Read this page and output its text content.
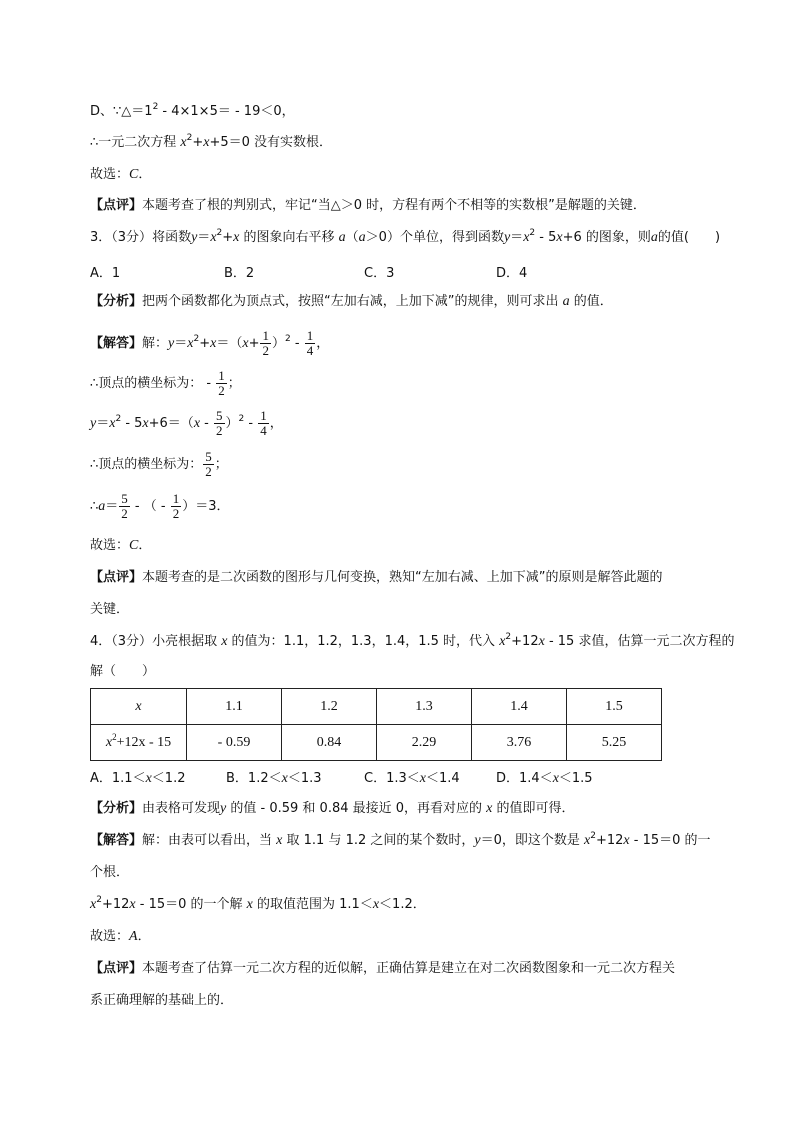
D、$\because\triangle=1^2 - 4\times 1\times 5= - 19<0$，
∴一元二次方程 $x^2+x+5=0$ 没有实数根．
故选：C．
【点评】本题考查了根的判别式，牢记“当△＞0 时，方程有两个不相等的实数根”是解题的关键．
3．（3分）将函数$y=x^2+x$ 的图象向右平移 a（a＞0）个单位，得到函数$y=x^2 - 5x+6$ 的图象，则a的值(　　)
A．1	B．2	C．3	D．4
【分析】把两个函数都化为顶点式，按照“左加右减，上加下减”的规律，则可求出 a 的值．
【解答】解：$y=x^2+x=(x+ \frac{1}{2} )^2 - \frac{1}{4}$ ，
∴顶点的横坐标为： - $\frac{1}{2}$ ；
$y=x^2 - 5x+6=(x - \frac{5}{2} )^2 - \frac{1}{4}$ ，
∴顶点的横坐标为： $\frac{5}{2}$ ；
∴a＝ $\frac{5}{2}$ - （ - $\frac{1}{2} )=3$．
故选：C．
【点评】本题考查的是二次函数的图形与几何变换，熟知“左加右减、上加下减”的原则是解答此题的
关键．
4．（3分）小亮根据取 x 的值为：1.1，1.2，1.3，1.4，1.5 时，代入 $x^2+12x - 15$ 求值，估算一元二次方程的
解（　　）
x	1.1	1.2	1.3	1.4	1.5
$x^2+12x - 15$	- 0.59	0.84	2.29	3.76	5.25
A．1.1＜x＜1.2	B．1.2＜x＜1.3	C．1.3＜x＜1.4	D．1.4＜x＜1.5
【分析】由表格可发现y 的值 - 0.59 和 0.84 最接近 0，再看对应的 x 的值即可得．
【解答】解：由表可以看出，当 x 取 1.1 与 1.2 之间的某个数时，y＝0，即这个数是 $x^2+12x - 15=0$ 的一
个根．
$x^2+12x - 15=0$ 的一个解 x 的取值范围为 1.1＜x＜1.2．
故选：A．
【点评】本题考查了估算一元二次方程的近似解，正确估算是建立在对二次函数图象和一元二次方程关
系正确理解的基础上的．
